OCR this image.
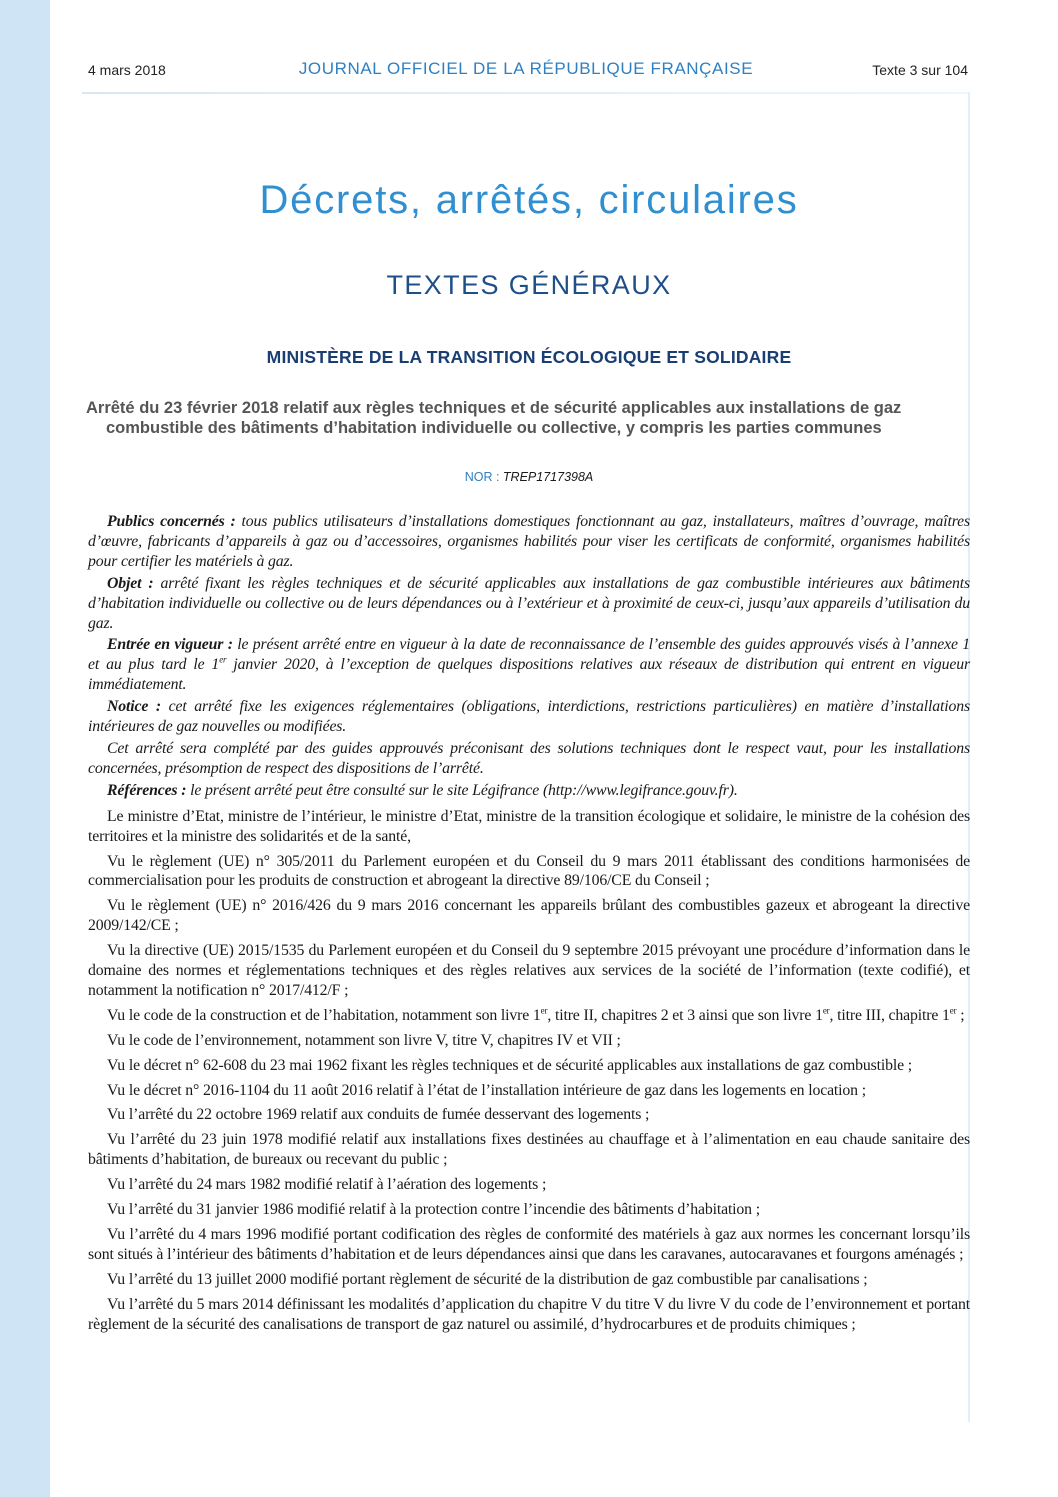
4 mars 2018	JOURNAL OFFICIEL DE LA RÉPUBLIQUE FRANÇAISE	Texte 3 sur 104
Décrets, arrêtés, circulaires
TEXTES GÉNÉRAUX
MINISTÈRE DE LA TRANSITION ÉCOLOGIQUE ET SOLIDAIRE
Arrêté du 23 février 2018 relatif aux règles techniques et de sécurité applicables aux installations de gaz combustible des bâtiments d’habitation individuelle ou collective, y compris les parties communes
NOR : TREP1717398A

Publics concernés : tous publics utilisateurs d’installations domestiques fonctionnant au gaz, installateurs, maîtres d’ouvrage, maîtres d’œuvre, fabricants d’appareils à gaz ou d’accessoires, organismes habilités pour viser les certificats de conformité, organismes habilités pour certifier les matériels à gaz.

Objet : arrêté fixant les règles techniques et de sécurité applicables aux installations de gaz combustible intérieures aux bâtiments d’habitation individuelle ou collective ou de leurs dépendances ou à l’extérieur et à proximité de ceux-ci, jusqu’aux appareils d’utilisation du gaz.

Entrée en vigueur : le présent arrêté entre en vigueur à la date de reconnaissance de l’ensemble des guides approuvés visés à l’annexe 1 et au plus tard le 1er janvier 2020, à l’exception de quelques dispositions relatives aux réseaux de distribution qui entrent en vigueur immédiatement.

Notice : cet arrêté fixe les exigences réglementaires (obligations, interdictions, restrictions particulières) en matière d’installations intérieures de gaz nouvelles ou modifiées.

Cet arrêté sera complété par des guides approuvés préconisant des solutions techniques dont le respect vaut, pour les installations concernées, présomption de respect des dispositions de l’arrêté.

Références : le présent arrêté peut être consulté sur le site Légifrance (http://www.legifrance.gouv.fr).

Le ministre d’Etat, ministre de l’intérieur, le ministre d’Etat, ministre de la transition écologique et solidaire, le ministre de la cohésion des territoires et la ministre des solidarités et de la santé,

Vu le règlement (UE) n° 305/2011 du Parlement européen et du Conseil du 9 mars 2011 établissant des conditions harmonisées de commercialisation pour les produits de construction et abrogeant la directive 89/106/CE du Conseil ;

Vu le règlement (UE) n° 2016/426 du 9 mars 2016 concernant les appareils brûlant des combustibles gazeux et abrogeant la directive 2009/142/CE ;

Vu la directive (UE) 2015/1535 du Parlement européen et du Conseil du 9 septembre 2015 prévoyant une procédure d’information dans le domaine des normes et réglementations techniques et des règles relatives aux services de la société de l’information (texte codifié), et notamment la notification n° 2017/412/F ;

Vu le code de la construction et de l’habitation, notamment son livre 1er, titre II, chapitres 2 et 3 ainsi que son livre 1er, titre III, chapitre 1er ;

Vu le code de l’environnement, notamment son livre V, titre V, chapitres IV et VII ;

Vu le décret n° 62-608 du 23 mai 1962 fixant les règles techniques et de sécurité applicables aux installations de gaz combustible ;

Vu le décret n° 2016-1104 du 11 août 2016 relatif à l’état de l’installation intérieure de gaz dans les logements en location ;

Vu l’arrêté du 22 octobre 1969 relatif aux conduits de fumée desservant des logements ;

Vu l’arrêté du 23 juin 1978 modifié relatif aux installations fixes destinées au chauffage et à l’alimentation en eau chaude sanitaire des bâtiments d’habitation, de bureaux ou recevant du public ;

Vu l’arrêté du 24 mars 1982 modifié relatif à l’aération des logements ;

Vu l’arrêté du 31 janvier 1986 modifié relatif à la protection contre l’incendie des bâtiments d’habitation ;

Vu l’arrêté du 4 mars 1996 modifié portant codification des règles de conformité des matériels à gaz aux normes les concernant lorsqu’ils sont situés à l’intérieur des bâtiments d’habitation et de leurs dépendances ainsi que dans les caravanes, autocaravanes et fourgons aménagés ;

Vu l’arrêté du 13 juillet 2000 modifié portant règlement de sécurité de la distribution de gaz combustible par canalisations ;

Vu l’arrêté du 5 mars 2014 définissant les modalités d’application du chapitre V du titre V du livre V du code de l’environnement et portant règlement de la sécurité des canalisations de transport de gaz naturel ou assimilé, d’hydrocarbures et de produits chimiques ;
